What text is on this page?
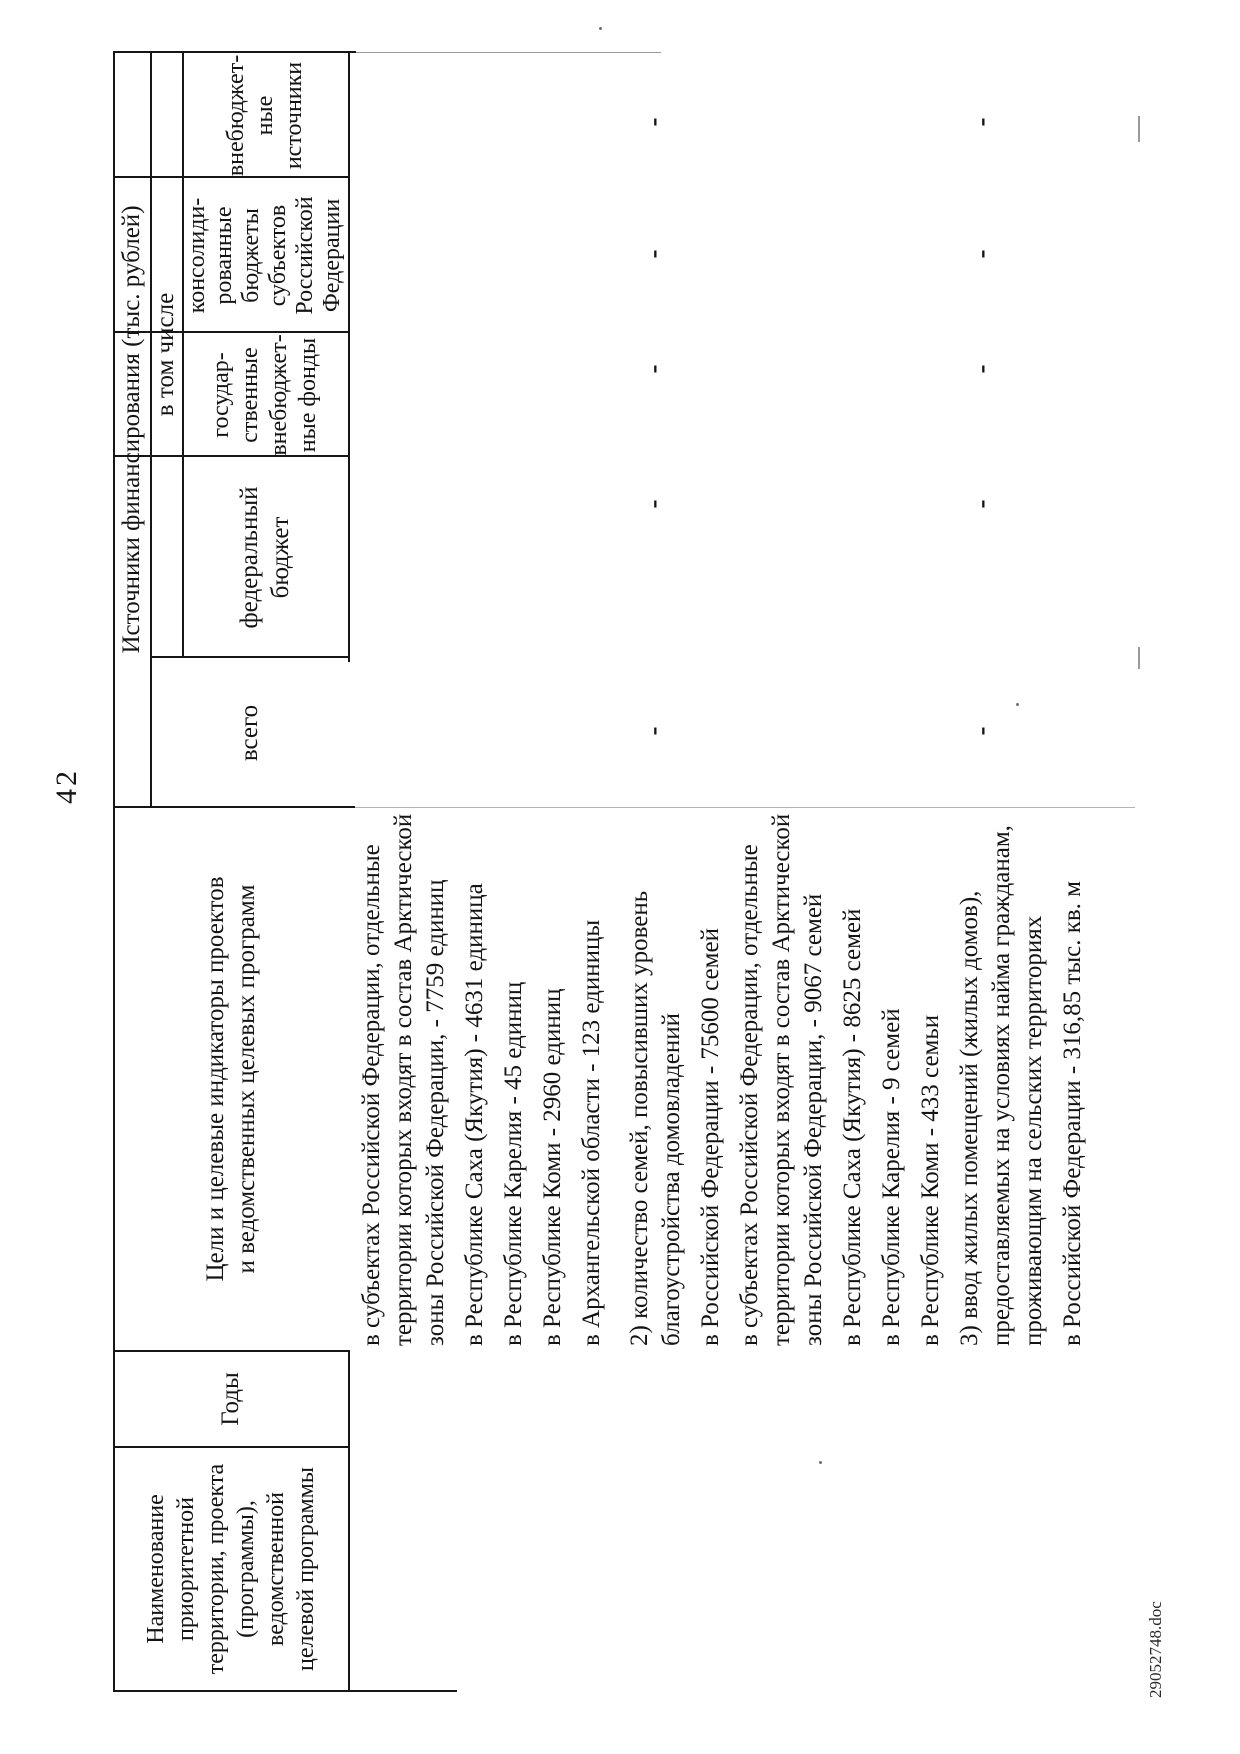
42
29052748.doc
Наименование приоритетной территории, проекта (программы), ведомственной целевой программы
Годы
Цели и целевые индикаторы проектов и ведомственных целевых программ
Источники финансирования (тыс. рублей) в том числе
всего
федеральный бюджет
государ- ственные внебюджет- ные фонды
консолиди- рованные бюджеты субъектов Российской Федерации
внебюджет- ные источники
в субъектах Российской Федерации, отдельные территории которых входят в состав Арктической зоны Российской Федерации, - 7759 единиц в Республике Саха (Якутия) - 4631 единица в Республике Карелия - 45 единиц в Республике Коми - 2960 единиц в Архангельской области - 123 единицы 2) количество семей, повысивших уровень благоустройства домовладений в Российской Федерации - 75600 семей в субъектах Российской Федерации, отдельные территории которых входят в состав Арктической зоны Российской Федерации, - 9067 семей в Республике Саха (Якутия) - 8625 семей в Республике Карелия - 9 семей в Республике Коми - 433 семьи
-
-
-
-
-
3) ввод жилых помещений (жилых домов), предоставляемых на условиях найма гражданам, проживающим на сельских территориях в Российской Федерации - 316,85 тыс. кв. м
-
-
-
-
-
